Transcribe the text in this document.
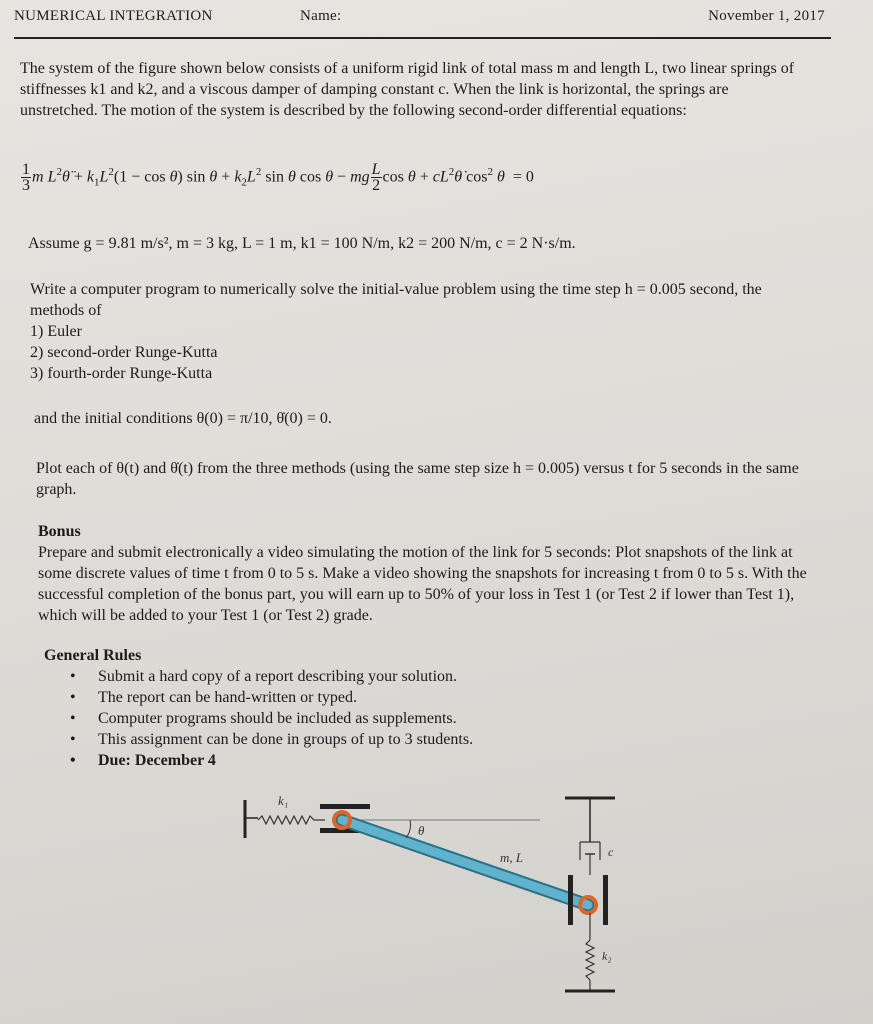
NUMERICAL INTEGRATION	Name:	November 1, 2017
The system of the figure shown below consists of a uniform rigid link of total mass m and length L, two linear springs of stiffnesses k1 and k2, and a viscous damper of damping constant c. When the link is horizontal, the springs are unstretched. The motion of the system is described by the following second-order differential equations:
$\frac{1}{3}$ m $L^2\thetä + k_1L^2(1 - \cos \theta)$ $\sin \theta + k_2L^2$ sin θ cos θ − mg $\frac{L}{2}$ $\cos \theta + cL^2\thetȧ$ $\cos^2 \theta = 0$
Assume g = 9.81 m/s², m = 3 kg, L = 1 m, k1 = 100 N/m, k2 = 200 N/m, c = 2 N·s/m.
Write a computer program to numerically solve the initial-value problem using the time step h = 0.005 second, the methods of
1) Euler
2) second-order Runge-Kutta
3) fourth-order Runge-Kutta
and the initial conditions θ(0) = π/10, θ̇(0) = 0.
Plot each of θ(t) and θ̇(t) from the three methods (using the same step size h = 0.005) versus t for 5 seconds in the same graph.
Bonus
Prepare and submit electronically a video simulating the motion of the link for 5 seconds: Plot snapshots of the link at some discrete values of time t from 0 to 5 s. Make a video showing the snapshots for increasing t from 0 to 5 s. With the successful completion of the bonus part, you will earn up to 50% of your loss in Test 1 (or Test 2 if lower than Test 1), which will be added to your Test 1 (or Test 2) grade.
General Rules
• Submit a hard copy of a report describing your solution.
• The report can be hand-written or typed.
• Computer programs should be included as supplements.
• This assignment can be done in groups of up to 3 students.
• Due: December 4
k₁
θ
m, L	c
k₂
